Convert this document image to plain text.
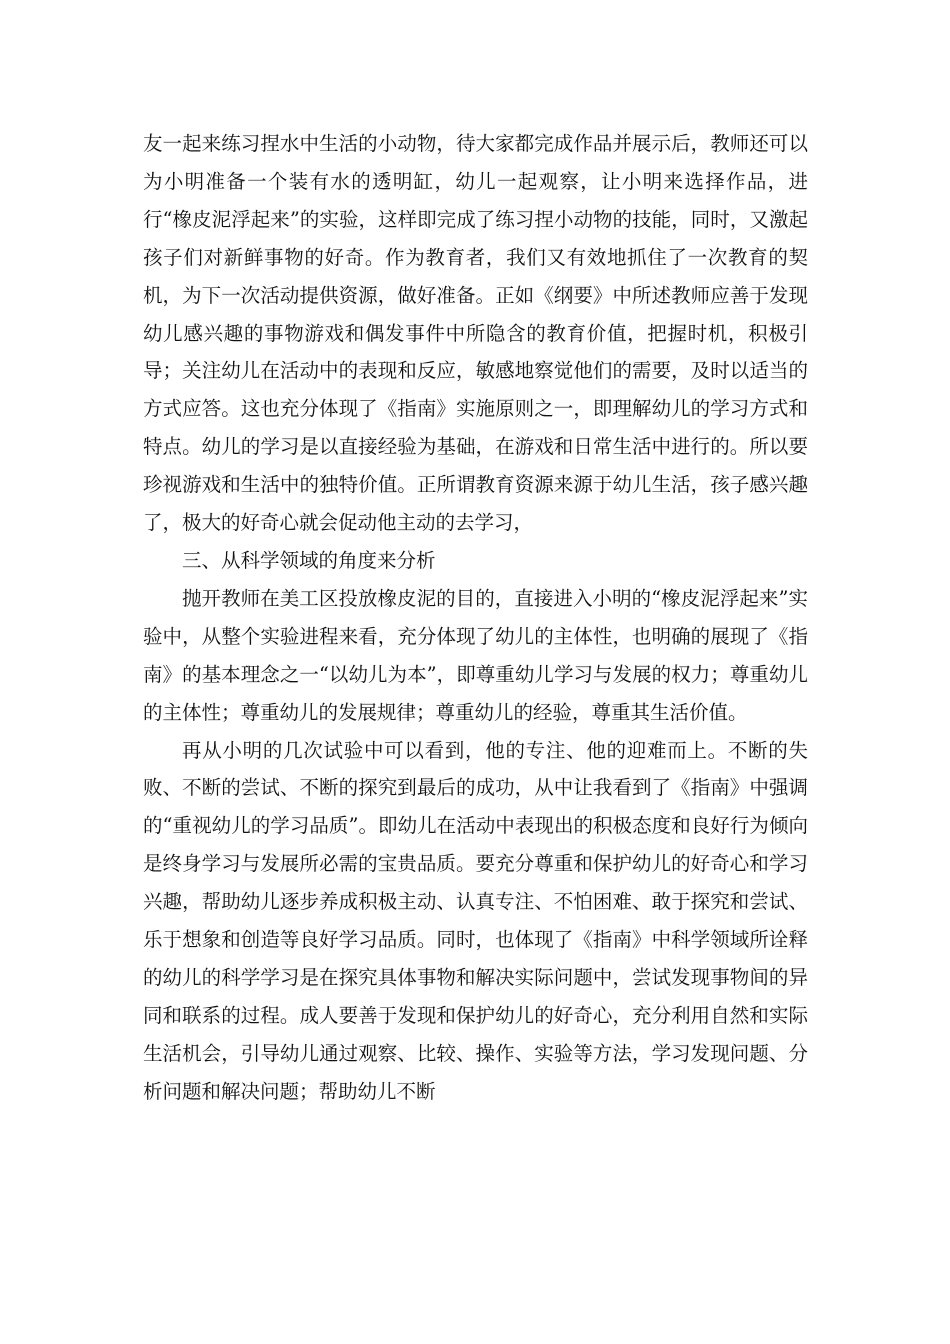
友一起来练习捏水中生活的小动物，待大家都完成作品并展示后，教师还可以为小明准备一个装有水的透明缸，幼儿一起观察，让小明来选择作品，进行“橡皮泥浮起来”的实验，这样即完成了练习捏小动物的技能，同时，又激起孩子们对新鲜事物的好奇。作为教育者，我们又有效地抓住了一次教育的契机，为下一次活动提供资源，做好准备。正如《纲要》中所述教师应善于发现幼儿感兴趣的事物游戏和偶发事件中所隐含的教育价值，把握时机，积极引导；关注幼儿在活动中的表现和反应，敏感地察觉他们的需要，及时以适当的方式应答。这也充分体现了《指南》实施原则之一，即理解幼儿的学习方式和特点。幼儿的学习是以直接经验为基础，在游戏和日常生活中进行的。所以要珍视游戏和生活中的独特价值。正所谓教育资源来源于幼儿生活，孩子感兴趣了，极大的好奇心就会促动他主动的去学习，

三、从科学领域的角度来分析

抛开教师在美工区投放橡皮泥的目的，直接进入小明的“橡皮泥浮起来”实验中，从整个实验进程来看，充分体现了幼儿的主体性，也明确的展现了《指南》的基本理念之一“以幼儿为本”，即尊重幼儿学习与发展的权力；尊重幼儿的主体性；尊重幼儿的发展规律；尊重幼儿的经验，尊重其生活价值。

再从小明的几次试验中可以看到，他的专注、他的迎难而上。不断的失败、不断的尝试、不断的探究到最后的成功，从中让我看到了《指南》中强调的“重视幼儿的学习品质”。即幼儿在活动中表现出的积极态度和良好行为倾向是终身学习与发展所必需的宝贵品质。要充分尊重和保护幼儿的好奇心和学习兴趣，帮助幼儿逐步养成积极主动、认真专注、不怕困难、敢于探究和尝试、乐于想象和创造等良好学习品质。同时，也体现了《指南》中科学领域所诠释的幼儿的科学学习是在探究具体事物和解决实际问题中，尝试发现事物间的异同和联系的过程。成人要善于发现和保护幼儿的好奇心，充分利用自然和实际生活机会，引导幼儿通过观察、比较、操作、实验等方法，学习发现问题、分析问题和解决问题；帮助幼儿不断
